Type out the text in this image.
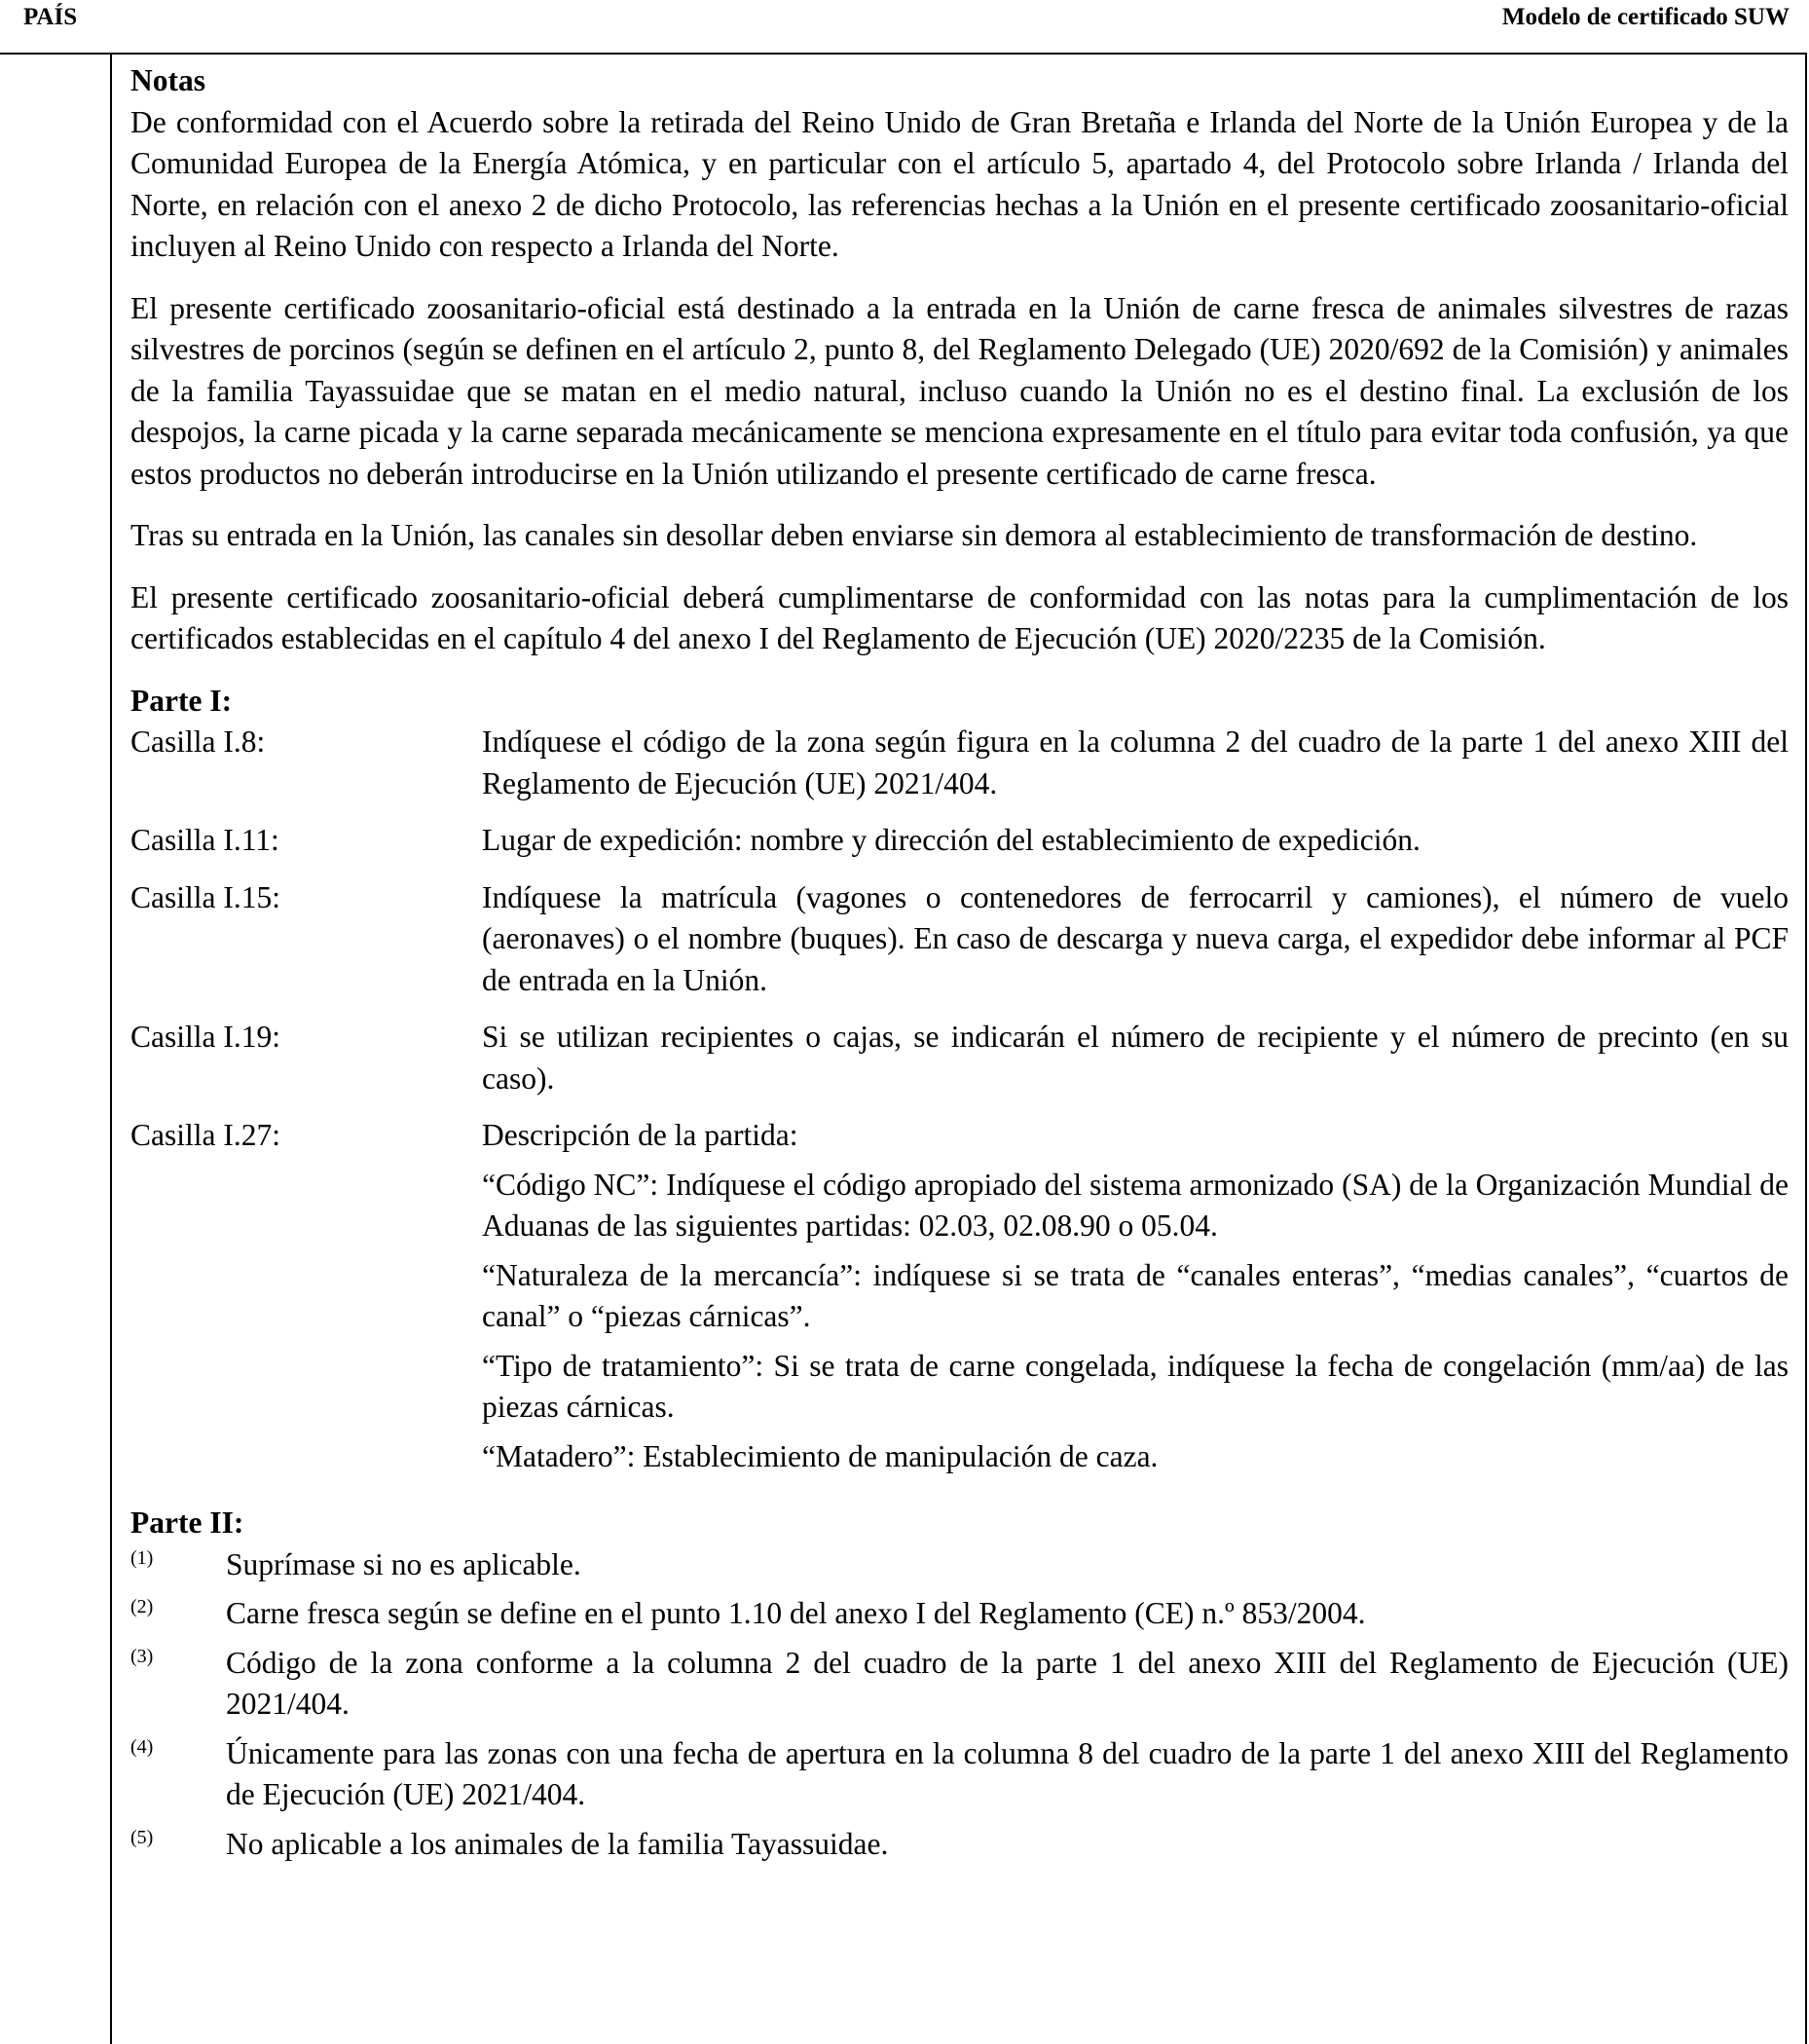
PAÍS	Modelo de certificado SUW

Notas

De conformidad con el Acuerdo sobre la retirada del Reino Unido de Gran Bretaña e Irlanda del Norte de la Unión Europea y de la Comunidad Europea de la Energía Atómica, y en particular con el artículo 5, apartado 4, del Protocolo sobre Irlanda / Irlanda del Norte, en relación con el anexo 2 de dicho Protocolo, las referencias hechas a la Unión en el presente certificado zoosanitario-oficial incluyen al Reino Unido con respecto a Irlanda del Norte.

El presente certificado zoosanitario-oficial está destinado a la entrada en la Unión de carne fresca de animales silvestres de razas silvestres de porcinos (según se definen en el artículo 2, punto 8, del Reglamento Delegado (UE) 2020/692 de la Comisión) y animales de la familia Tayassuidae que se matan en el medio natural, incluso cuando la Unión no es el destino final. La exclusión de los despojos, la carne picada y la carne separada mecánicamente se menciona expresamente en el título para evitar toda confusión, ya que estos productos no deberán introducirse en la Unión utilizando el presente certificado de carne fresca.

Tras su entrada en la Unión, las canales sin desollar deben enviarse sin demora al establecimiento de transformación de destino.

El presente certificado zoosanitario-oficial deberá cumplimentarse de conformidad con las notas para la cumplimentación de los certificados establecidas en el capítulo 4 del anexo I del Reglamento de Ejecución (UE) 2020/2235 de la Comisión.

Parte I:

Casilla I.8:	Indíquese el código de la zona según figura en la columna 2 del cuadro de la parte 1 del anexo XIII del Reglamento de Ejecución (UE) 2021/404.

Casilla I.11:	Lugar de expedición: nombre y dirección del establecimiento de expedición.

Casilla I.15:	Indíquese la matrícula (vagones o contenedores de ferrocarril y camiones), el número de vuelo (aeronaves) o el nombre (buques). En caso de descarga y nueva carga, el expedidor debe informar al PCF de entrada en la Unión.

Casilla I.19:	Si se utilizan recipientes o cajas, se indicarán el número de recipiente y el número de precinto (en su caso).

Casilla I.27:	Descripción de la partida:

“Código NC”: Indíquese el código apropiado del sistema armonizado (SA) de la Organización Mundial de Aduanas de las siguientes partidas: 02.03, 02.08.90 o 05.04.

“Naturaleza de la mercancía”: indíquese si se trata de “canales enteras”, “medias canales”, “cuartos de canal” o “piezas cárnicas”.

“Tipo de tratamiento”: Si se trata de carne congelada, indíquese la fecha de congelación (mm/aa) de las piezas cárnicas.

“Matadero”: Establecimiento de manipulación de caza.

Parte II:

(1)	Suprímase si no es aplicable.
(2)	Carne fresca según se define en el punto 1.10 del anexo I del Reglamento (CE) n.º 853/2004.
(3)	Código de la zona conforme a la columna 2 del cuadro de la parte 1 del anexo XIII del Reglamento de Ejecución (UE) 2021/404.
(4)	Únicamente para las zonas con una fecha de apertura en la columna 8 del cuadro de la parte 1 del anexo XIII del Reglamento de Ejecución (UE) 2021/404.
(5)	No aplicable a los animales de la familia Tayassuidae.
